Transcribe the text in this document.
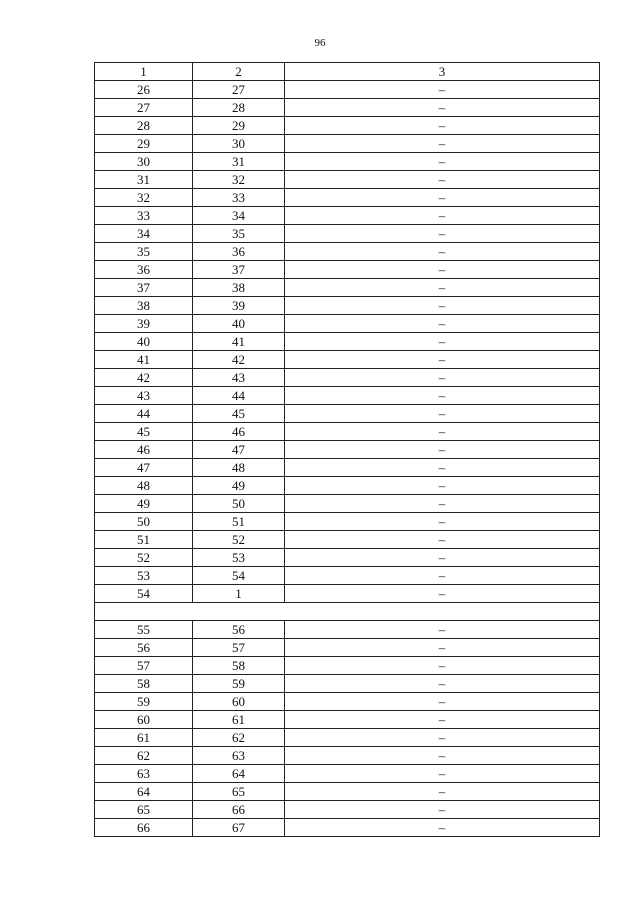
96
1	2	3
26	27	–
27	28	–
28	29	–
29	30	–
30	31	–
31	32	–
32	33	–
33	34	–
34	35	–
35	36	–
36	37	–
37	38	–
38	39	–
39	40	–
40	41	–
41	42	–
42	43	–
43	44	–
44	45	–
45	46	–
46	47	–
47	48	–
48	49	–
49	50	–
50	51	–
51	52	–
52	53	–
53	54	–
54	1	–

55	56	–
56	57	–
57	58	–
58	59	–
59	60	–
60	61	–
61	62	–
62	63	–
63	64	–
64	65	–
65	66	–
66	67	–
